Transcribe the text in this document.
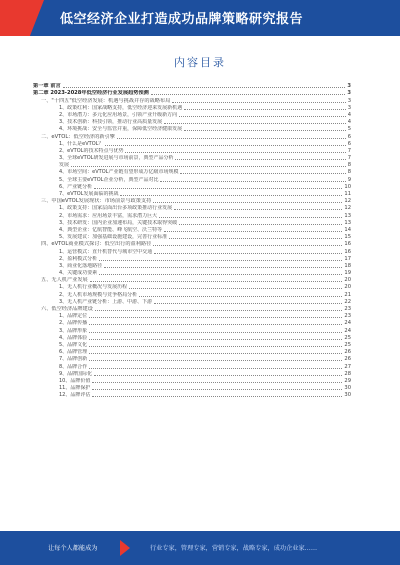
低空经济企业打造成功品牌策略研究报告
内容目录
第一章 前言	3
第二章 2023-2028年低空经济行业发展趋势预测	3
一、"十四五"低空经济发展：机遇与挑战并存的战略布局	3
1、政策红利：国家战略支持，低空经济迎来发展新机遇	3
2、市场潜力：多元化应用场景，引领产业升级新方向	4
3、技术创新：科技引领，推动行业高质量发展	4
4、环境挑战：安全与监管并重，保障低空经济健康发展	5
二、eVTOL：低空经济的新引擎	6
1、什么是eVTOL？	6
2、eVTOL的技术特点与优势	7
3、全球eVTOL研发进展与市场前景，典型产品分析	7
发展	8
4、市场空间：eVTOL产业链有望形成万亿级市场规模	8
5、全球主要eVTOL企业分析，典型产品对比	9
6、产业链分析	10
7、eVTOL发展面临的挑战	11
三、中国eVTOL发展现状：市场前景与政策支持	12
1、政策支持：国家层面出台多项政策推动行业发展	12
2、市场需求：应用场景丰富，需求潜力巨大	13
3、技术研发：国内企业加速布局，关键技术取得突破	13
4、典型企业：亿航智能、峰飞航空、沃兰特等	14
5、发展建议：加强基础设施建设，完善行业标准	15
四、eVTOL商业模式探讨：低空出行的盈利路径	16
1、运营模式：直升机替代与城市空中交通	16
2、盈利模式分析	17
3、商业化落地路径	18
4、关键成功要素	19
五、无人机产业发展	20
1、无人机行业概况与发展历程	20
2、无人机市场规模与竞争格局分析	21
3、无人机产业链分析：上游、中游、下游	22
六、低空经济品牌建设	23
1、品牌定位	23
2、品牌传播	24
3、品牌形象	24
4、品牌体验	25
5、品牌文化	25
6、品牌管理	26
7、品牌创新	26
8、品牌合作	27
9、品牌国际化	28
10、品牌价值	29
11、品牌保护	30
12、品牌评估	30
让每个人都能成为	行业专家，管理专家，营销专家，战略专家，成功企业家……
